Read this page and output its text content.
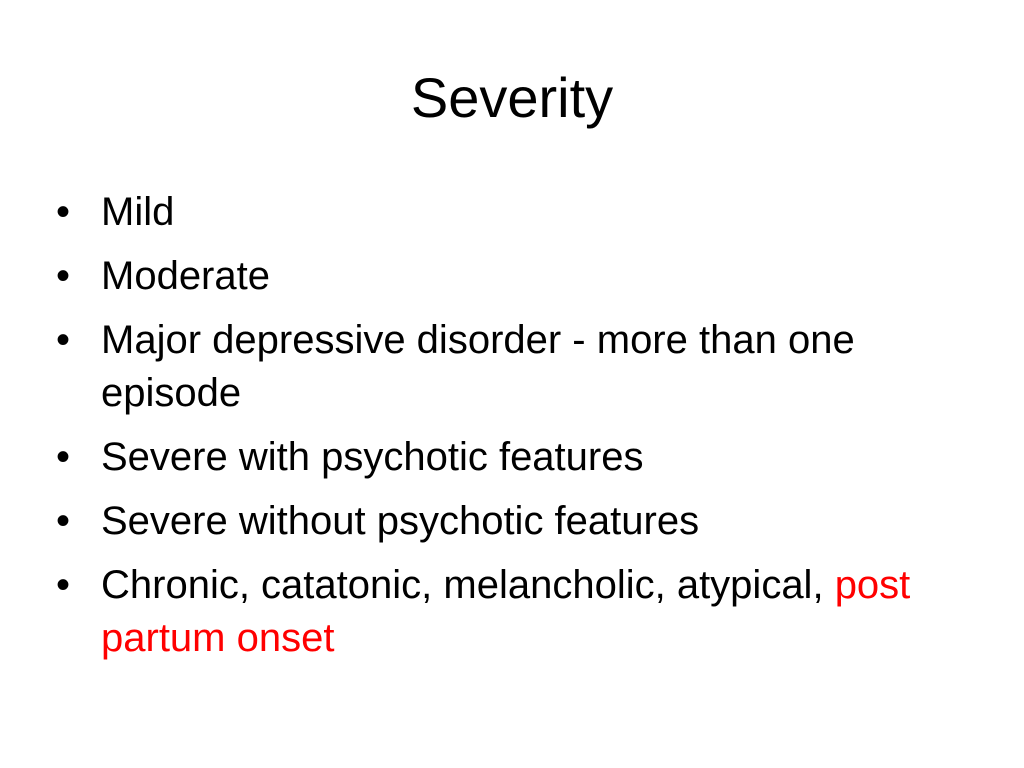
Severity
• Mild
• Moderate
• Major depressive disorder - more than one episode
• Severe with psychotic features
• Severe without psychotic features
• Chronic, catatonic, melancholic, atypical, post partum onset
